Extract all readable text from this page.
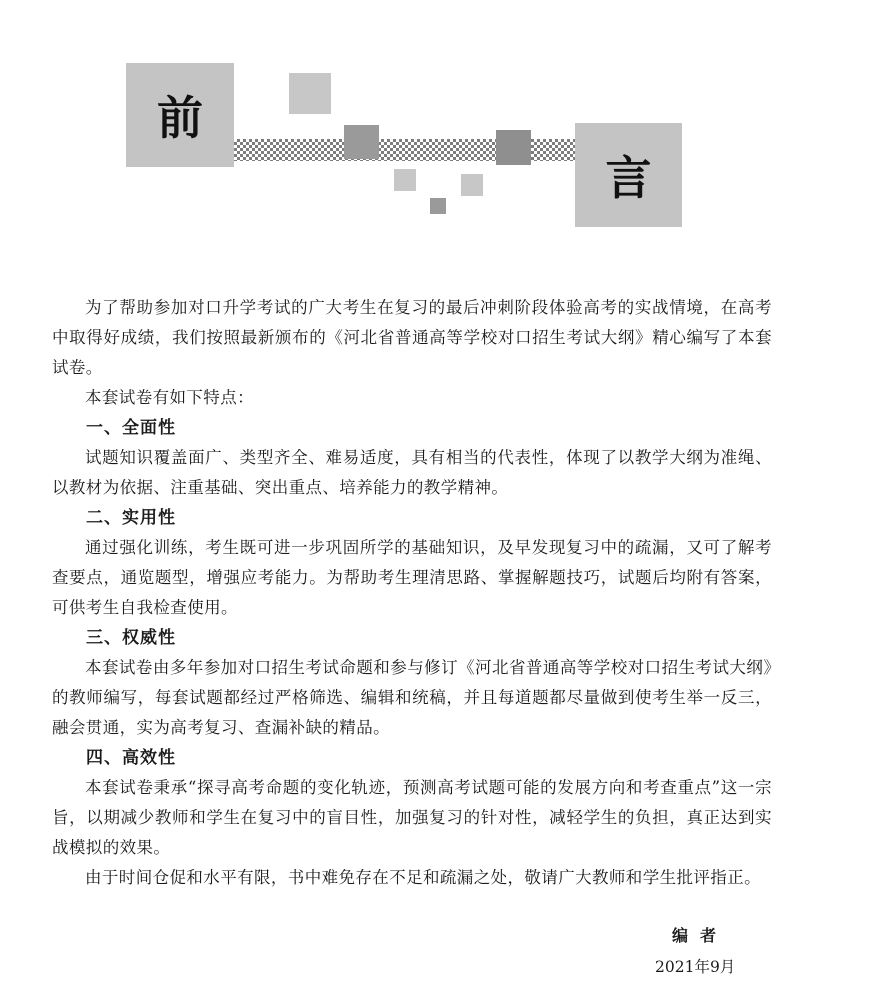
前
言

为了帮助参加对口升学考试的广大考生在复习的最后冲刺阶段体验高考的实战情境，在高考中取得好成绩，我们按照最新颁布的《河北省普通高等学校对口招生考试大纲》精心编写了本套试卷。

本套试卷有如下特点：

一、全面性

试题知识覆盖面广、类型齐全、难易适度，具有相当的代表性，体现了以教学大纲为准绳、以教材为依据、注重基础、突出重点、培养能力的教学精神。

二、实用性

通过强化训练，考生既可进一步巩固所学的基础知识，及早发现复习中的疏漏，又可了解考查要点，通览题型，增强应考能力。为帮助考生理清思路、掌握解题技巧，试题后均附有答案，可供考生自我检查使用。

三、权威性

本套试卷由多年参加对口招生考试命题和参与修订《河北省普通高等学校对口招生考试大纲》的教师编写，每套试题都经过严格筛选、编辑和统稿，并且每道题都尽量做到使考生举一反三，融会贯通，实为高考复习、查漏补缺的精品。

四、高效性

本套试卷秉承“探寻高考命题的变化轨迹，预测高考试题可能的发展方向和考查重点”这一宗旨，以期减少教师和学生在复习中的盲目性，加强复习的针对性，减轻学生的负担，真正达到实战模拟的效果。

由于时间仓促和水平有限，书中难免存在不足和疏漏之处，敬请广大教师和学生批评指正。

编者
2021年9月
